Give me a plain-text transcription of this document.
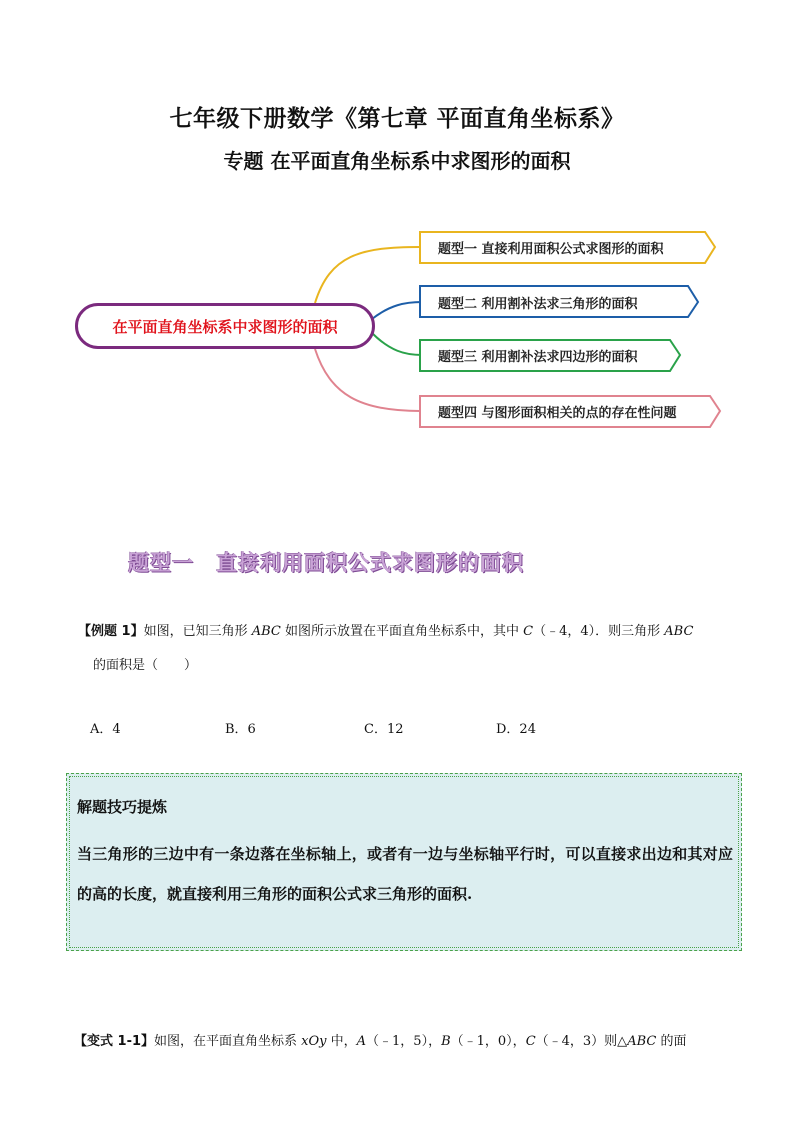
七年级下册数学《第七章 平面直角坐标系》
专题 在平面直角坐标系中求图形的面积
在平面直角坐标系中求图形的面积
题型一 直接利用面积公式求图形的面积
题型二 利用割补法求三角形的面积
题型三 利用割补法求四边形的面积
题型四 与图形面积相关的点的存在性问题
题型一 直接利用面积公式求图形的面积
【例题 1】如图，已知三角形 ABC 如图所示放置在平面直角坐标系中，其中 C（﹣4，4）．则三角形 ABC
的面积是（　　）
A．4	B．6	C．12	D．24
解题技巧提炼
当三角形的三边中有一条边落在坐标轴上，或者有一边与坐标轴平行时，可以直接求出边和其对应的高的长度，就直接利用三角形的面积公式求三角形的面积.
【变式 1-1】如图，在平面直角坐标系 xOy 中，A（﹣1，5），B（﹣1，0），C（﹣4，3）则△ABC 的面
